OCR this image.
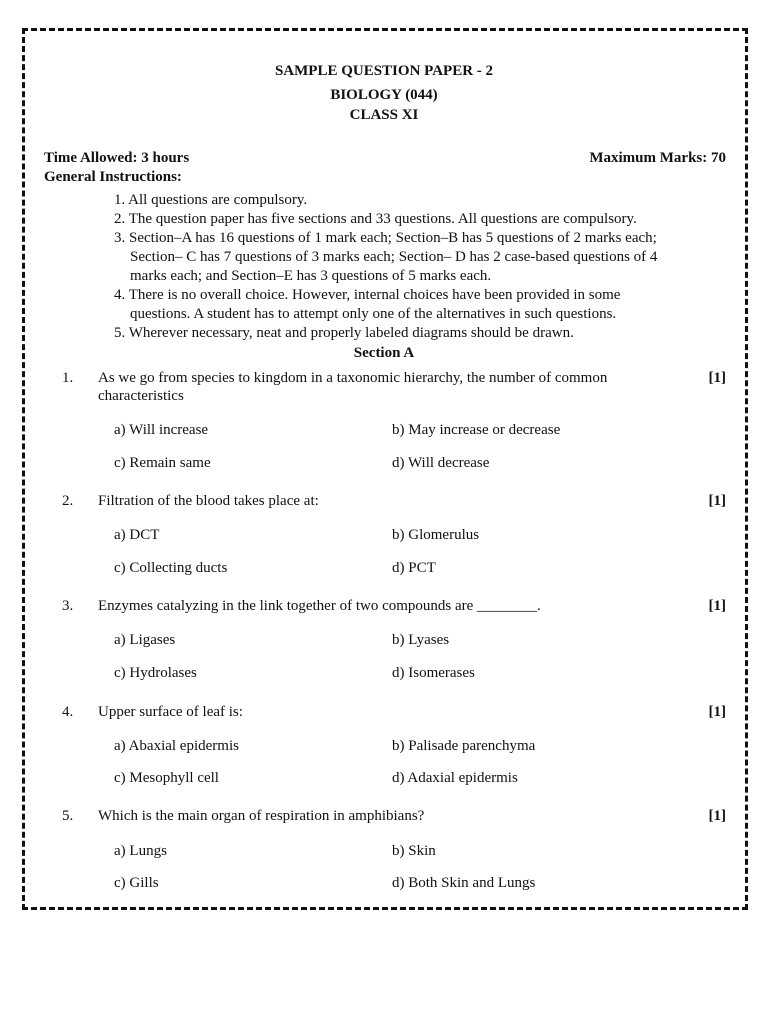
SAMPLE QUESTION PAPER - 2
BIOLOGY (044)
CLASS XI
Time Allowed: 3 hours	Maximum Marks: 70
General Instructions:
1. All questions are compulsory.
2. The question paper has five sections and 33 questions. All questions are compulsory.
3. Section–A has 16 questions of 1 mark each; Section–B has 5 questions of 2 marks each;
Section– C has 7 questions of 3 marks each; Section– D has 2 case-based questions of 4
marks each; and Section–E has 3 questions of 5 marks each.
4. There is no overall choice. However, internal choices have been provided in some
questions. A student has to attempt only one of the alternatives in such questions.
5. Wherever necessary, neat and properly labeled diagrams should be drawn.
Section A
1. As we go from species to kingdom in a taxonomic hierarchy, the number of common	[1]
characteristics
a) Will increase	b) May increase or decrease
c) Remain same	d) Will decrease
2. Filtration of the blood takes place at:	[1]
a) DCT	b) Glomerulus
c) Collecting ducts	d) PCT
3. Enzymes catalyzing in the link together of two compounds are ________.	[1]
a) Ligases	b) Lyases
c) Hydrolases	d) Isomerases
4. Upper surface of leaf is:	[1]
a) Abaxial epidermis	b) Palisade parenchyma
c) Mesophyll cell	d) Adaxial epidermis
5. Which is the main organ of respiration in amphibians?	[1]
a) Lungs	b) Skin
c) Gills	d) Both Skin and Lungs
